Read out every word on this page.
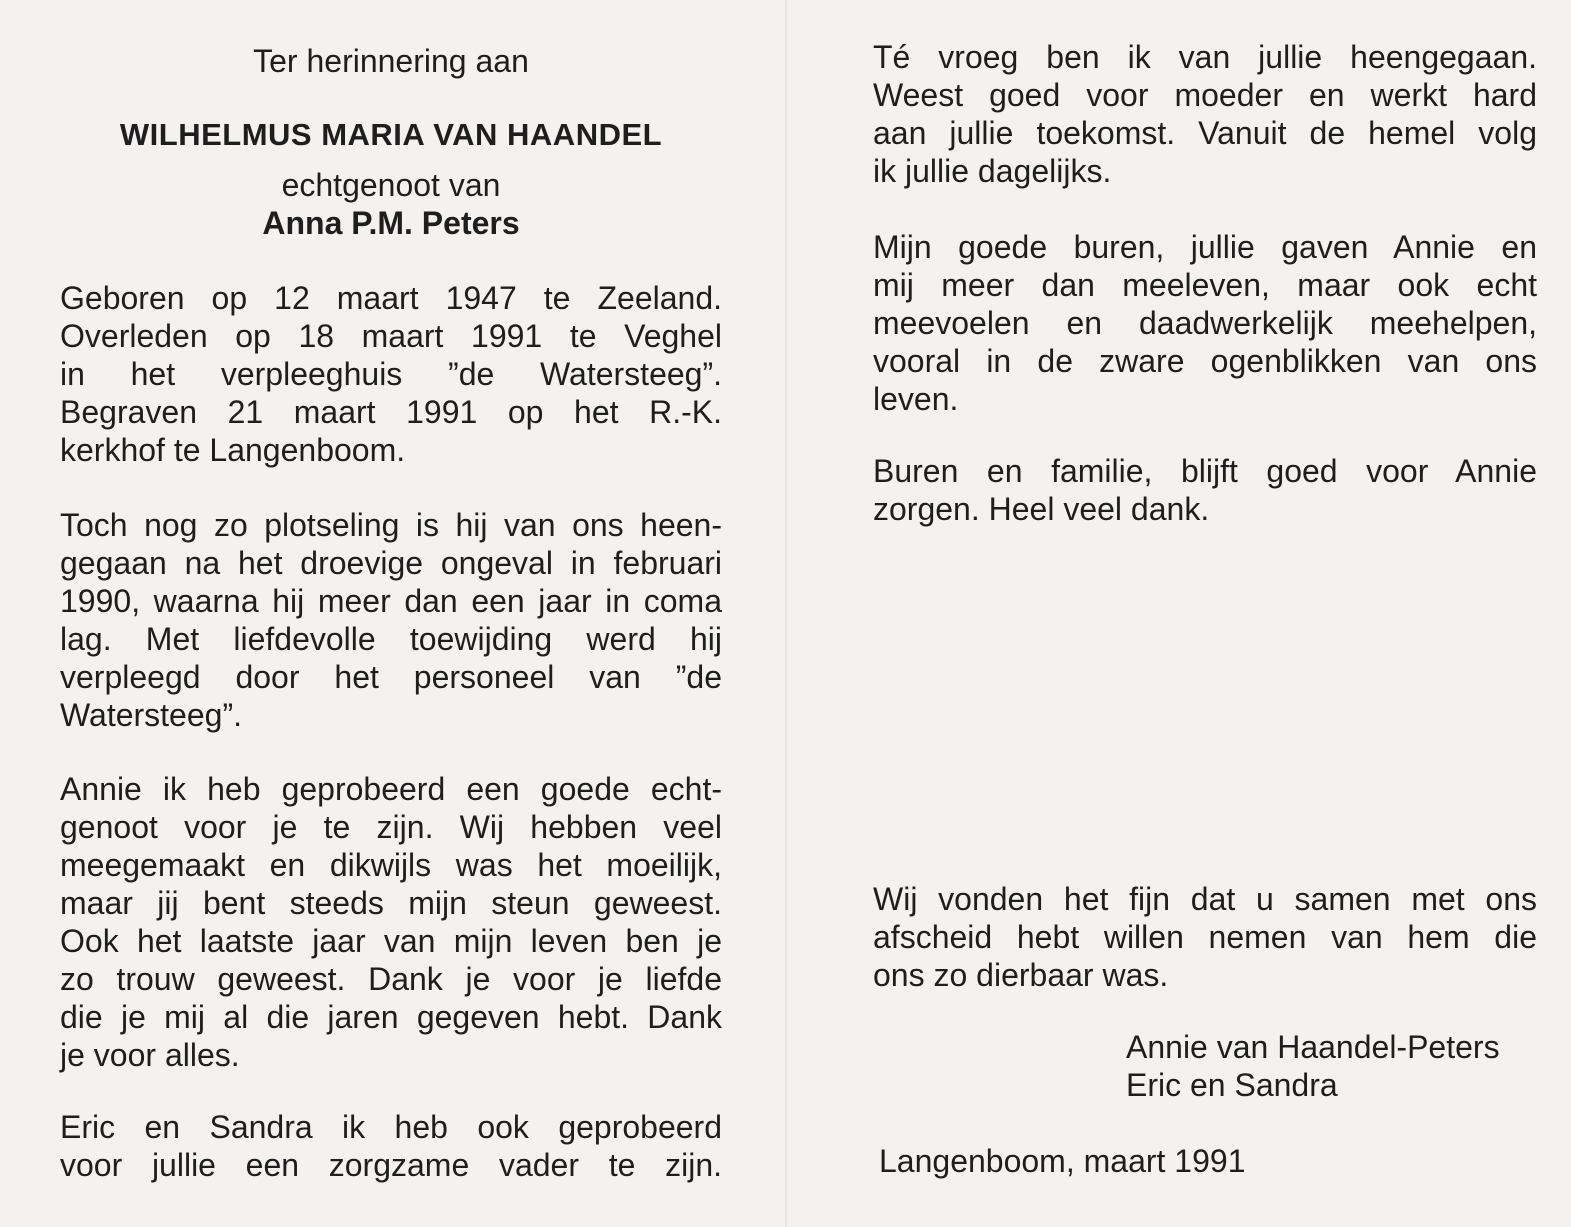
Ter herinnering aan
WILHELMUS MARIA VAN HAANDEL
echtgenoot van
Anna P.M. Peters

Geboren op 12 maart 1947 te Zeeland.
Overleden op 18 maart 1991 te Veghel
in het verpleeghuis ”de Watersteeg”.
Begraven 21 maart 1991 op het R.-K.
kerkhof te Langenboom.

Toch nog zo plotseling is hij van ons heen-
gegaan na het droevige ongeval in februari
1990, waarna hij meer dan een jaar in coma
lag. Met liefdevolle toewijding werd hij
verpleegd door het personeel van ”de
Watersteeg”.

Annie ik heb geprobeerd een goede echt-
genoot voor je te zijn. Wij hebben veel
meegemaakt en dikwijls was het moeilijk,
maar jij bent steeds mijn steun geweest.
Ook het laatste jaar van mijn leven ben je
zo trouw geweest. Dank je voor je liefde
die je mij al die jaren gegeven hebt. Dank
je voor alles.

Eric en Sandra ik heb ook geprobeerd
voor jullie een zorgzame vader te zijn.

Té vroeg ben ik van jullie heengegaan.
Weest goed voor moeder en werkt hard
aan jullie toekomst. Vanuit de hemel volg
ik jullie dagelijks.

Mijn goede buren, jullie gaven Annie en
mij meer dan meeleven, maar ook echt
meevoelen en daadwerkelijk meehelpen,
vooral in de zware ogenblikken van ons
leven.

Buren en familie, blijft goed voor Annie
zorgen. Heel veel dank.

Wij vonden het fijn dat u samen met ons
afscheid hebt willen nemen van hem die
ons zo dierbaar was.

Annie van Haandel-Peters
Eric en Sandra
Langenboom, maart 1991
